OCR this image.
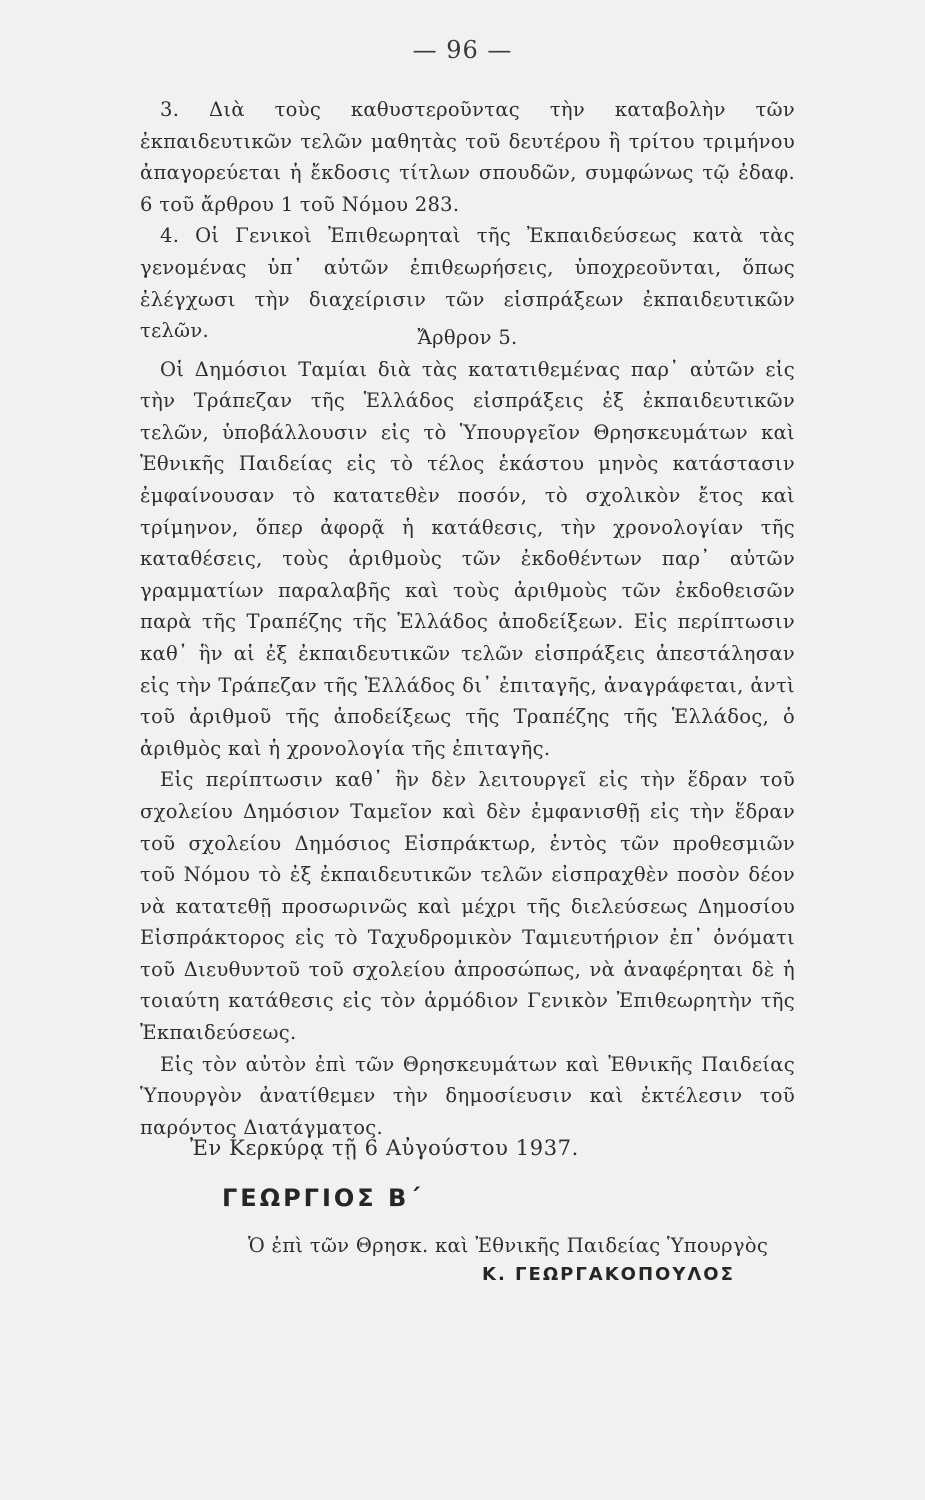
— 96 —

3. Διὰ τοὺς καθυστεροῦντας τὴν καταβολὴν τῶν ἐκπαιδευτικῶν τελῶν μαθητὰς τοῦ δευτέρου ἢ τρίτου τριμήνου ἀπαγορεύεται ἡ ἔκδοσις τίτλων σπουδῶν, συμφώνως τῷ ἐδαφ. 6 τοῦ ἄρθρου 1 τοῦ Νόμου 283.

4. Οἱ Γενικοὶ Ἐπιθεωρηταὶ τῆς Ἐκπαιδεύσεως κατὰ τὰς γενομένας ὑπ᾽ αὐτῶν ἐπιθεωρήσεις, ὑποχρεοῦνται, ὅπως ἐλέγχωσι τὴν διαχείρισιν τῶν εἰσπράξεων ἐκπαιδευτικῶν τελῶν.	Ἄρθρον 5.

Οἱ Δημόσιοι Ταμίαι διὰ τὰς κατατιθεμένας παρ᾽ αὐτῶν εἰς τὴν Τράπεζαν τῆς Ἑλλάδος εἰσπράξεις ἐξ ἐκπαιδευτικῶν τελῶν, ὑποβάλλουσιν εἰς τὸ Ὑπουργεῖον Θρησκευμάτων καὶ Ἐθνικῆς Παιδείας εἰς τὸ τέλος ἑκάστου μηνὸς κατάστασιν ἐμφαίνουσαν τὸ κατατεθὲν ποσόν, τὸ σχολικὸν ἔτος καὶ τρίμηνον, ὅπερ ἀφορᾷ ἡ κατάθεσις, τὴν χρονολογίαν τῆς καταθέσεις, τοὺς ἀριθμοὺς τῶν ἐκδοθέντων παρ᾽ αὐτῶν γραμματίων παραλαβῆς καὶ τοὺς ἀριθμοὺς τῶν ἐκδοθεισῶν παρὰ τῆς Τραπέζης τῆς Ἑλλάδος ἀποδείξεων. Εἰς περίπτωσιν καθ᾽ ἣν αἱ ἐξ ἐκπαιδευτικῶν τελῶν εἰσπράξεις ἀπεστάλησαν εἰς τὴν Τράπεζαν τῆς Ἑλλάδος δι᾽ ἐπιταγῆς, ἀναγράφεται, ἀντὶ τοῦ ἀριθμοῦ τῆς ἀποδείξεως τῆς Τραπέζης τῆς Ἑλλάδος, ὁ ἀριθμὸς καὶ ἡ χρονολογία τῆς ἐπιταγῆς.

Εἰς περίπτωσιν καθ᾽ ἣν δὲν λειτουργεῖ εἰς τὴν ἕδραν τοῦ σχολείου Δημόσιον Ταμεῖον καὶ δὲν ἐμφανισθῇ εἰς τὴν ἕδραν τοῦ σχολείου Δημόσιος Εἰσπράκτωρ, ἐντὸς τῶν προθεσμιῶν τοῦ Νόμου τὸ ἐξ ἐκπαιδευτικῶν τελῶν εἰσπραχθὲν ποσὸν δέον νὰ κατατεθῇ προσωρινῶς καὶ μέχρι τῆς διελεύσεως Δημοσίου Εἰσπράκτορος εἰς τὸ Ταχυδρομικὸν Ταμιευτήριον ἐπ᾽ ὀνόματι τοῦ Διευθυντοῦ τοῦ σχολείου ἀπροσώπως, νὰ ἀναφέρηται δὲ ἡ τοιαύτη κατάθεσις εἰς τὸν ἁρμόδιον Γενικὸν Ἐπιθεωρητὴν τῆς Ἐκπαιδεύσεως.

Εἰς τὸν αὐτὸν ἐπὶ τῶν Θρησκευμάτων καὶ Ἐθνικῆς Παιδείας Ὑπουργὸν ἀνατίθεμεν τὴν δημοσίευσιν καὶ ἐκτέλεσιν τοῦ παρόντος Διατάγματος.

Ἐν Κερκύρᾳ τῇ 6 Αὐγούστου 1937.
ΓΕΩΡΓΙΟΣ Β΄
Ὁ ἐπὶ τῶν Θρησκ. καὶ Ἐθνικῆς Παιδείας Ὑπουργὸς
Κ. ΓΕΩΡΓΑΚΟΠΟΥΛΟΣ
